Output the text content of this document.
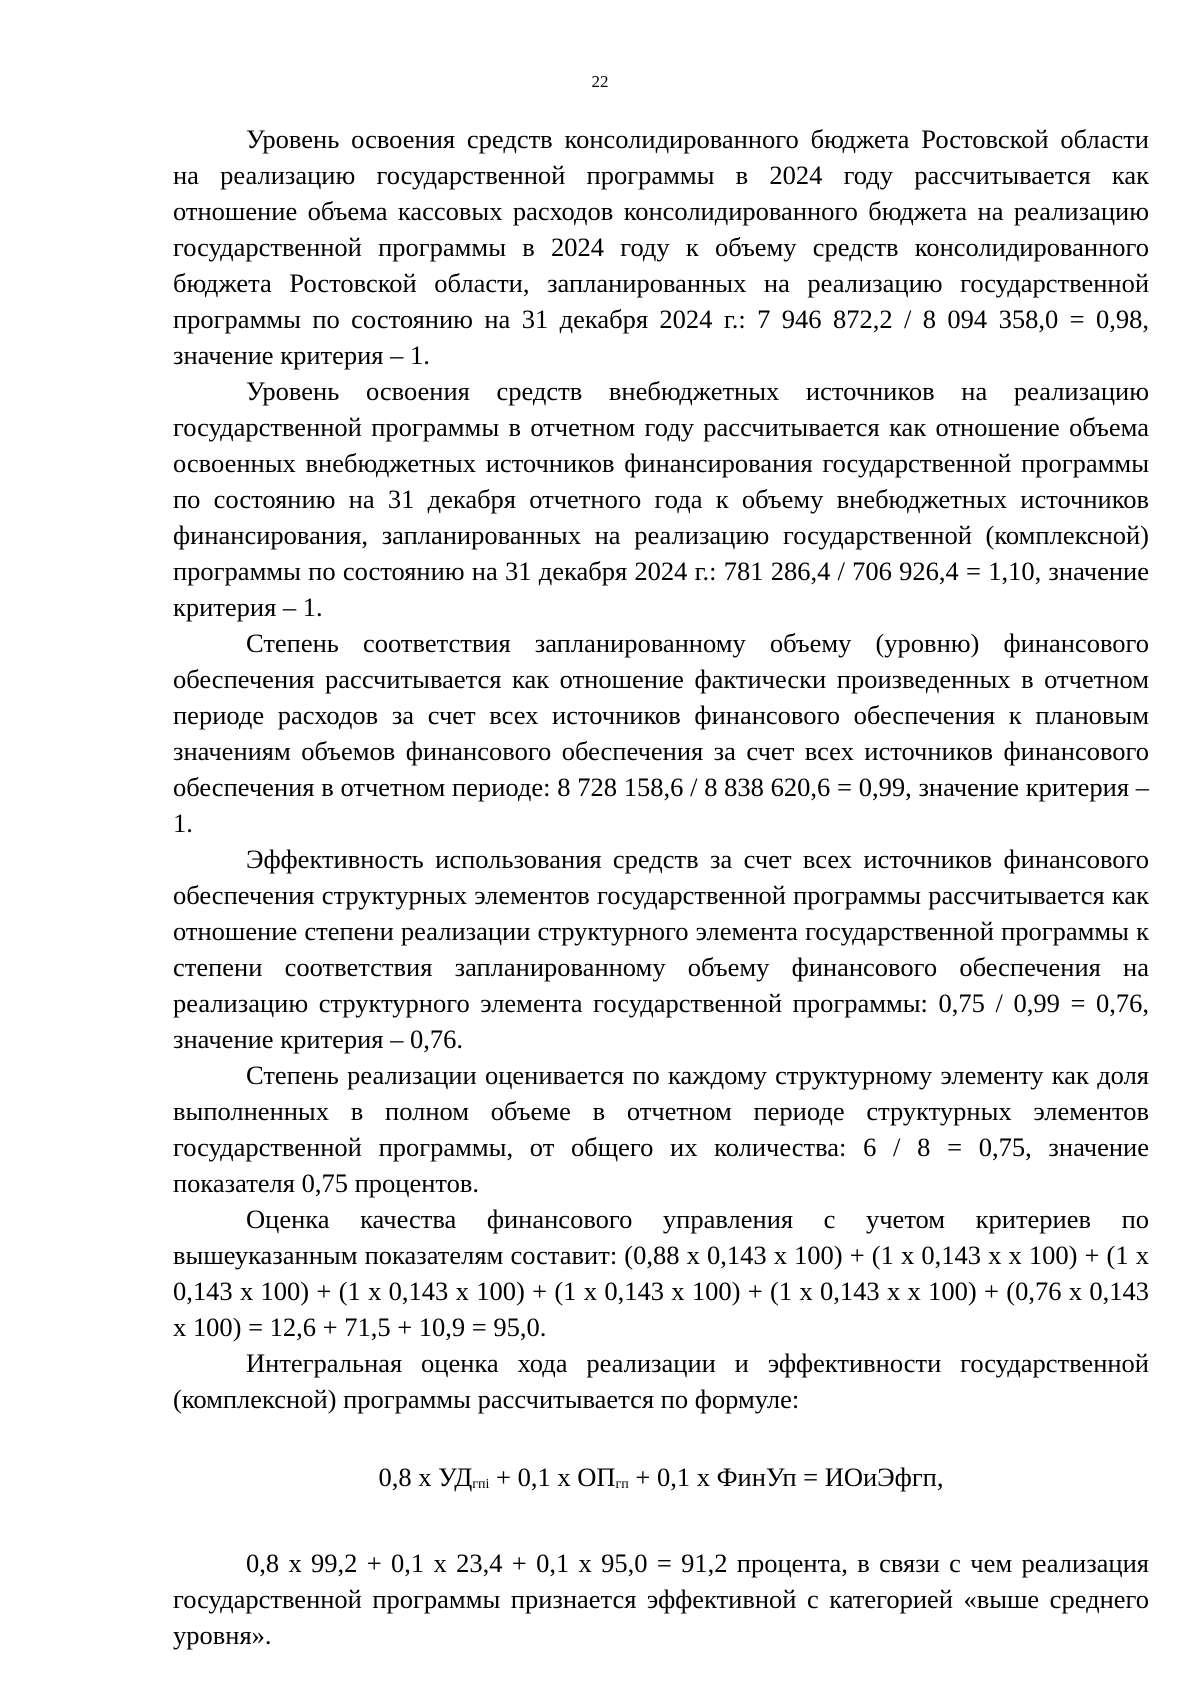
22

Уровень освоения средств консолидированного бюджета Ростовской области на реализацию государственной программы в 2024 году рассчитывается как отношение объема кассовых расходов консолидированного бюджета на реализацию государственной программы в 2024 году к объему средств консолидированного бюджета Ростовской области, запланированных на реализацию государственной программы по состоянию на 31 декабря 2024 г.: 7 946 872,2 / 8 094 358,0 = 0,98, значение критерия – 1.

Уровень освоения средств внебюджетных источников на реализацию государственной программы в отчетном году рассчитывается как отношение объема освоенных внебюджетных источников финансирования государственной программы по состоянию на 31 декабря отчетного года к объему внебюджетных источников финансирования, запланированных на реализацию государственной (комплексной) программы по состоянию на 31 декабря 2024 г.: 781 286,4 / 706 926,4 = 1,10, значение критерия – 1.

Степень соответствия запланированному объему (уровню) финансового обеспечения рассчитывается как отношение фактически произведенных в отчетном периоде расходов за счет всех источников финансового обеспечения к плановым значениям объемов финансового обеспечения за счет всех источников финансового обеспечения в отчетном периоде: 8 728 158,6 / 8 838 620,6 = 0,99, значение критерия – 1.

Эффективность использования средств за счет всех источников финансового обеспечения структурных элементов государственной программы рассчитывается как отношение степени реализации структурного элемента государственной программы к степени соответствия запланированному объему финансового обеспечения на реализацию структурного элемента государственной программы: 0,75 / 0,99 = 0,76, значение критерия – 0,76.

Степень реализации оценивается по каждому структурному элементу как доля выполненных в полном объеме в отчетном периоде структурных элементов государственной программы, от общего их количества: 6 / 8 = 0,75, значение показателя 0,75 процентов.

Оценка качества финансового управления с учетом критериев по вышеуказанным показателям составит: (0,88 х 0,143 х 100) + (1 х 0,143 х х 100) + (1 х 0,143 х 100) + (1 х 0,143 х 100) + (1 х 0,143 х 100) + (1 х 0,143 х х 100) + (0,76 х 0,143 х 100) = 12,6 + 71,5 + 10,9 = 95,0.

Интегральная оценка хода реализации и эффективности государственной (комплексной) программы рассчитывается по формуле:

0,8 х $УД_{гпi} + 0,1$ х $ОП_{гп} + 0,1$ х ФинУп = ИОиЭфгп,

0,8 х 99,2 + 0,1 х 23,4 + 0,1 х 95,0 = 91,2 процента, в связи с чем реализация государственной программы признается эффективной с категорией «выше среднего уровня».
